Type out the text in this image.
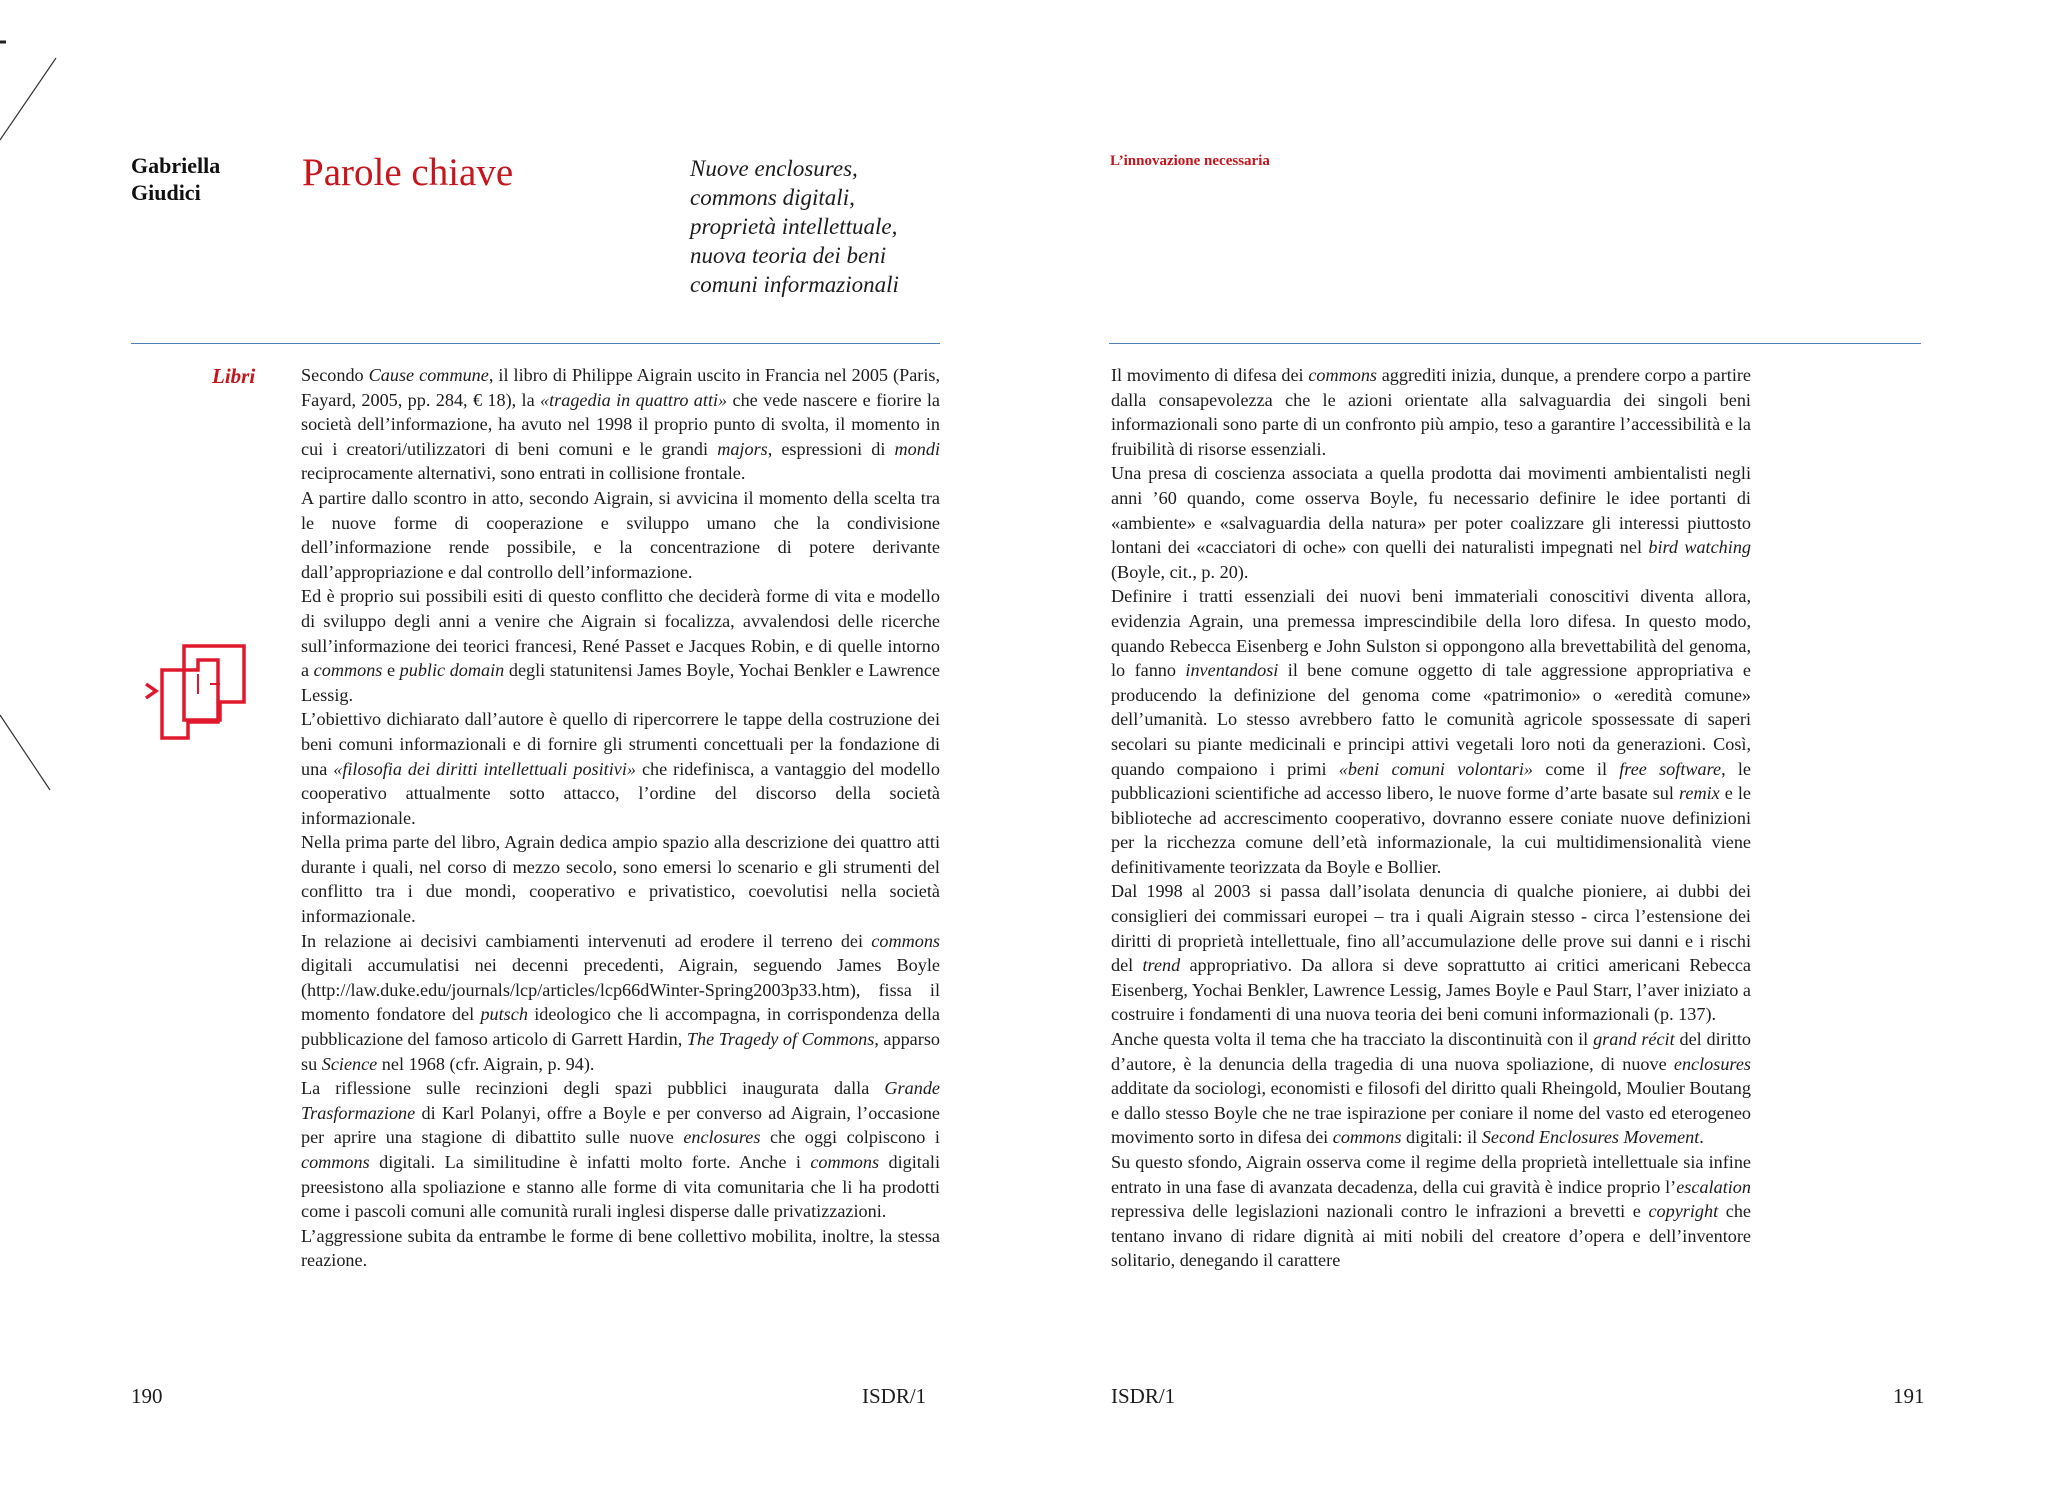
Gabriella
Giudici	Parole chiave	Nuove enclosures,
commons digitali,
proprietà intellettuale,
nuova teoria dei beni
comuni informazionali
L’innovazione necessaria
Libri	Secondo Cause commune, il libro di Philippe Aigrain uscito in Francia nel 2005 (Paris, Fayard, 2005, pp. 284, € 18), la «tragedia in quattro atti» che vede nascere e fiorire la società dell’informazione, ha avuto nel 1998 il proprio punto di svolta, il momento in cui i creatori/utilizzatori di beni comuni e le grandi majors, espressioni di mondi reciprocamente alternativi, sono entrati in collisione frontale.

A partire dallo scontro in atto, secondo Aigrain, si avvicina il momento della scelta tra le nuove forme di cooperazione e sviluppo umano che la condivisione dell’informazione rende possibile, e la concentrazione di potere derivante dall’appropriazione e dal controllo dell’informazione.

Ed è proprio sui possibili esiti di questo conflitto che deciderà forme di vita e modello di sviluppo degli anni a venire che Aigrain si focalizza, avvalendosi delle ricerche sull’informazione dei teorici francesi, René Passet e Jacques Robin, e di quelle intorno a commons e public domain degli statunitensi James Boyle, Yochai Benkler e Lawrence Lessig.

L’obiettivo dichiarato dall’autore è quello di ripercorrere le tappe della costruzione dei beni comuni informazionali e di fornire gli strumenti concettuali per la fondazione di una «filosofia dei diritti intellettuali positivi» che ridefinisca, a vantaggio del modello cooperativo attualmente sotto attacco, l’ordine del discorso della società informazionale.

Nella prima parte del libro, Agrain dedica ampio spazio alla descrizione dei quattro atti durante i quali, nel corso di mezzo secolo, sono emersi lo scenario e gli strumenti del conflitto tra i due mondi, cooperativo e privatistico, coevolutisi nella società informazionale.

In relazione ai decisivi cambiamenti intervenuti ad erodere il terreno dei commons digitali accumulatisi nei decenni precedenti, Aigrain, seguendo James Boyle (http://law.duke.edu/journals/lcp/articles/lcp66dWinter-Spring2003p33.htm), fissa il momento fondatore del putsch ideologico che li accompagna, in corrispondenza della pubblicazione del famoso articolo di Garrett Hardin, The Tragedy of Commons, apparso su Science nel 1968 (cfr. Aigrain, p. 94).

La riflessione sulle recinzioni degli spazi pubblici inaugurata dalla Grande Trasformazione di Karl Polanyi, offre a Boyle e per converso ad Aigrain, l’occasione per aprire una stagione di dibattito sulle nuove enclosures che oggi colpiscono i commons digitali. La similitudine è infatti molto forte. Anche i commons digitali preesistono alla spoliazione e stanno alle forme di vita comunitaria che li ha prodotti come i pascoli comuni alle comunità rurali inglesi disperse dalle privatizzazioni.

L’aggressione subita da entrambe le forme di bene collettivo mobilita, inoltre, la stessa reazione.

Il movimento di difesa dei commons aggrediti inizia, dunque, a prendere corpo a partire dalla consapevolezza che le azioni orientate alla salvaguardia dei singoli beni informazionali sono parte di un confronto più ampio, teso a garantire l’accessibilità e la fruibilità di risorse essenziali.

Una presa di coscienza associata a quella prodotta dai movimenti ambientalisti negli anni ’60 quando, come osserva Boyle, fu necessario definire le idee portanti di «ambiente» e «salvaguardia della natura» per poter coalizzare gli interessi piuttosto lontani dei «cacciatori di oche» con quelli dei naturalisti impegnati nel bird watching (Boyle, cit., p. 20).

Definire i tratti essenziali dei nuovi beni immateriali conoscitivi diventa allora, evidenzia Agrain, una premessa imprescindibile della loro difesa. In questo modo, quando Rebecca Eisenberg e John Sulston si oppongono alla brevettabilità del genoma, lo fanno inventandosi il bene comune oggetto di tale aggressione appropriativa e producendo la definizione del genoma come «patrimonio» o «eredità comune» dell’umanità. Lo stesso avrebbero fatto le comunità agricole spossessate di saperi secolari su piante medicinali e principi attivi vegetali loro noti da generazioni. Così, quando compaiono i primi «beni comuni volontari» come il free software, le pubblicazioni scientifiche ad accesso libero, le nuove forme d’arte basate sul remix e le biblioteche ad accrescimento cooperativo, dovranno essere coniate nuove definizioni per la ricchezza comune dell’età informazionale, la cui multidimensionalità viene definitivamente teorizzata da Boyle e Bollier.

Dal 1998 al 2003 si passa dall’isolata denuncia di qualche pioniere, ai dubbi dei consiglieri dei commissari europei – tra i quali Aigrain stesso - circa l’estensione dei diritti di proprietà intellettuale, fino all’accumulazione delle prove sui danni e i rischi del trend appropriativo. Da allora si deve soprattutto ai critici americani Rebecca Eisenberg, Yochai Benkler, Lawrence Lessig, James Boyle e Paul Starr, l’aver iniziato a costruire i fondamenti di una nuova teoria dei beni comuni informazionali (p. 137).

Anche questa volta il tema che ha tracciato la discontinuità con il grand récit del diritto d’autore, è la denuncia della tragedia di una nuova spoliazione, di nuove enclosures additate da sociologi, economisti e filosofi del diritto quali Rheingold, Moulier Boutang e dallo stesso Boyle che ne trae ispirazione per coniare il nome del vasto ed eterogeneo movimento sorto in difesa dei commons digitali: il Second Enclosures Movement.

Su questo sfondo, Aigrain osserva come il regime della proprietà intellettuale sia infine entrato in una fase di avanzata decadenza, della cui gravità è indice proprio l’escalation repressiva delle legislazioni nazionali contro le infrazioni a brevetti e copyright che tentano invano di ridare dignità ai miti nobili del creatore d’opera e dell’inventore solitario, denegando il carattere

190	ISDR/1	ISDR/1	191
